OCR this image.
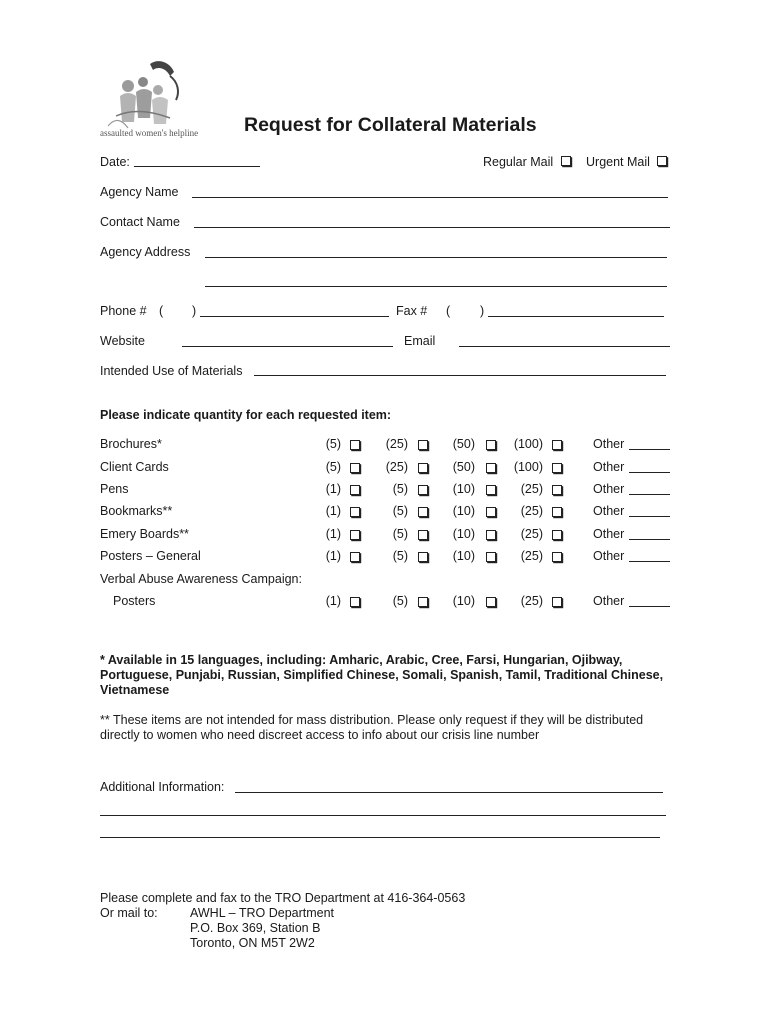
assaulted women's helpline Request for Collateral Materials
Date:	Regular Mail	Urgent Mail
Agency Name
Contact Name
Agency Address
Phone # ( )	Fax # ( )
Website	Email
Intended Use of Materials
Please indicate quantity for each requested item:
Brochures*	(5)	(25)	(50)	(100)	Other
Client Cards	(5)	(25)	(50)	(100)	Other
Pens	(1)	(5)	(10)	(25)	Other
Bookmarks**	(1)	(5)	(10)	(25)	Other
Emery Boards**	(1)	(5)	(10)	(25)	Other
Posters – General	(1)	(5)	(10)	(25)	Other
Posters	(1)	(5)	(10)	(25)	Other
Verbal Abuse Awareness Campaign:
* Available in 15 languages, including: Amharic, Arabic, Cree, Farsi, Hungarian, Ojibway, Portuguese, Punjabi, Russian, Simplified Chinese, Somali, Spanish, Tamil, Traditional Chinese, Vietnamese
** These items are not intended for mass distribution. Please only request if they will be distributed directly to women who need discreet access to info about our crisis line number
Additional Information:
Please complete and fax to the TRO Department at 416-364-0563
Or mail to:	AWHL – TRO Department
P.O. Box 369, Station B
Toronto, ON M5T 2W2
